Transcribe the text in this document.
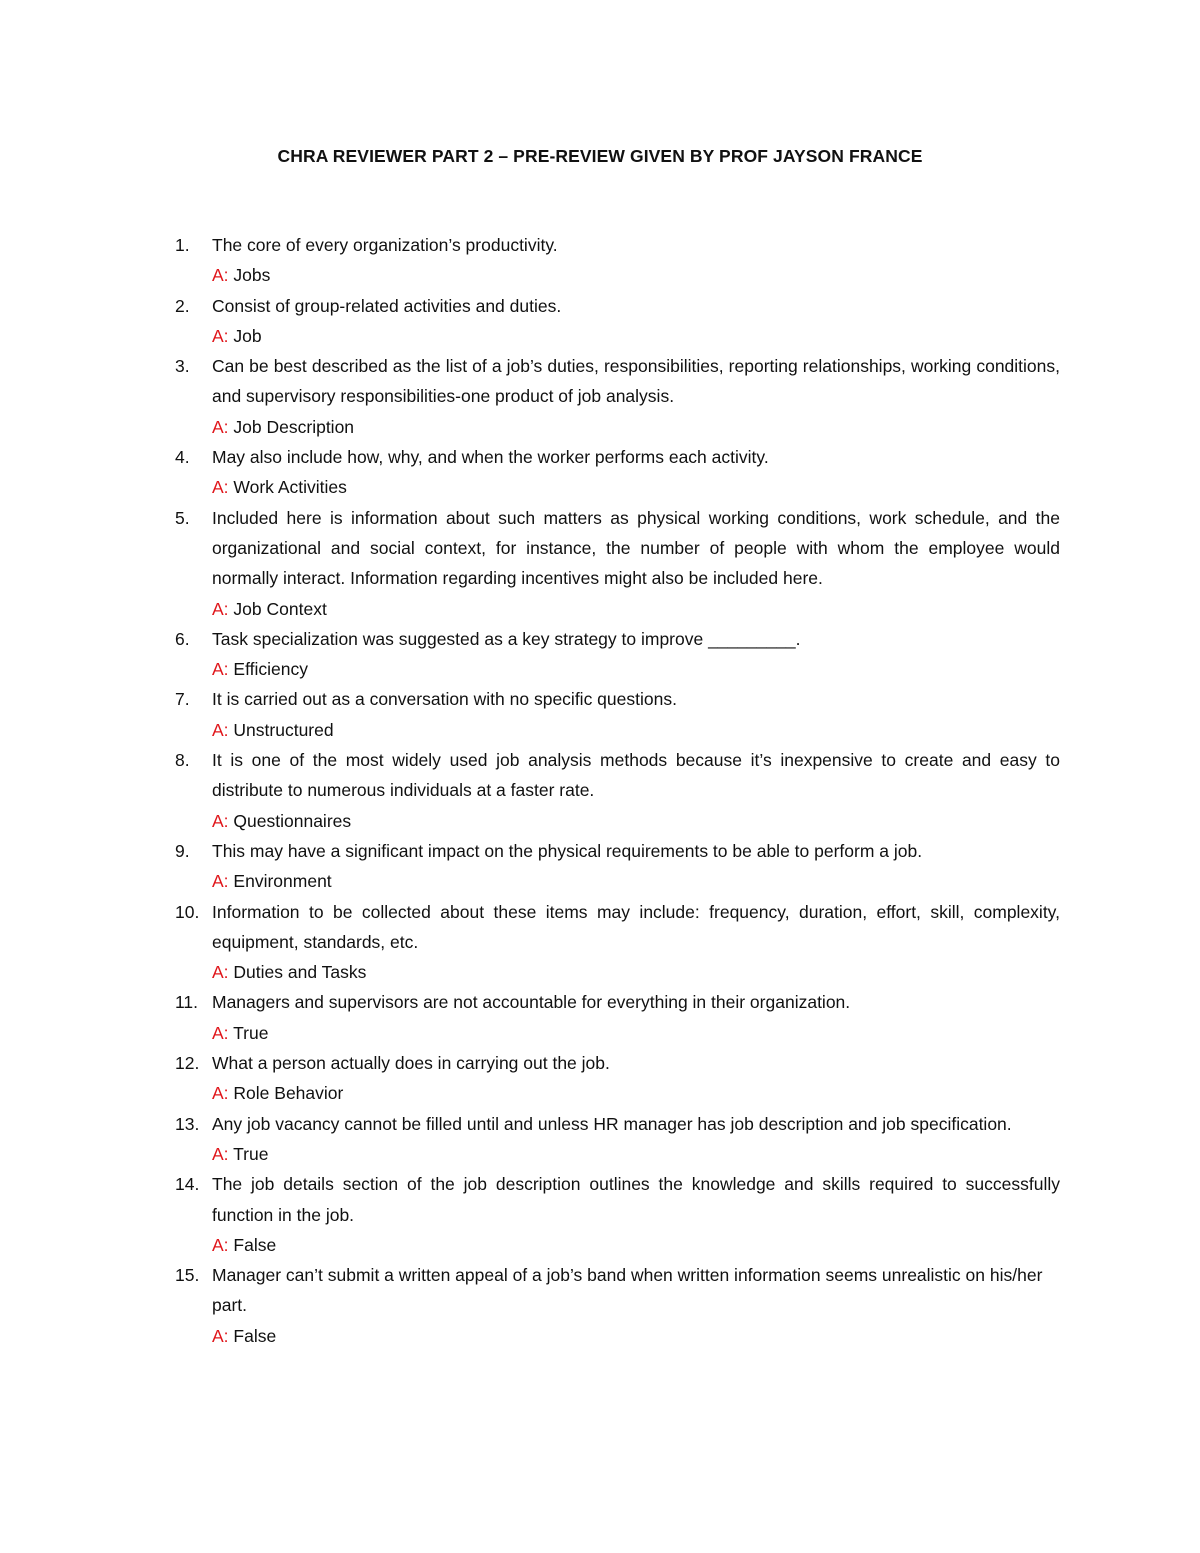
CHRA REVIEWER PART 2 – PRE-REVIEW GIVEN BY PROF JAYSON FRANCE
1.	The core of every organization’s productivity.
A: Jobs
2.	Consist of group-related activities and duties.
A: Job
3.	Can be best described as the list of a job’s duties, responsibilities, reporting relationships, working conditions, and supervisory responsibilities-one product of job analysis.
A: Job Description
4.	May also include how, why, and when the worker performs each activity.
A: Work Activities
5.	Included here is information about such matters as physical working conditions, work schedule, and the organizational and social context, for instance, the number of people with whom the employee would normally interact. Information regarding incentives might also be included here.
A: Job Context
6.	Task specialization was suggested as a key strategy to improve _________.
A: Efficiency
7.	It is carried out as a conversation with no specific questions.
A: Unstructured
8.	It is one of the most widely used job analysis methods because it’s inexpensive to create and easy to distribute to numerous individuals at a faster rate.
A: Questionnaires
9.	This may have a significant impact on the physical requirements to be able to perform a job.
A: Environment
10. Information to be collected about these items may include: frequency, duration, effort, skill, complexity, equipment, standards, etc.
A: Duties and Tasks
11. Managers and supervisors are not accountable for everything in their organization.
A: True
12. What a person actually does in carrying out the job.
A: Role Behavior
13. Any job vacancy cannot be filled until and unless HR manager has job description and job specification.
A: True
14. The job details section of the job description outlines the knowledge and skills required to successfully function in the job.
A: False
15. Manager can’t submit a written appeal of a job’s band when written information seems unrealistic on his/her part.
A: False
